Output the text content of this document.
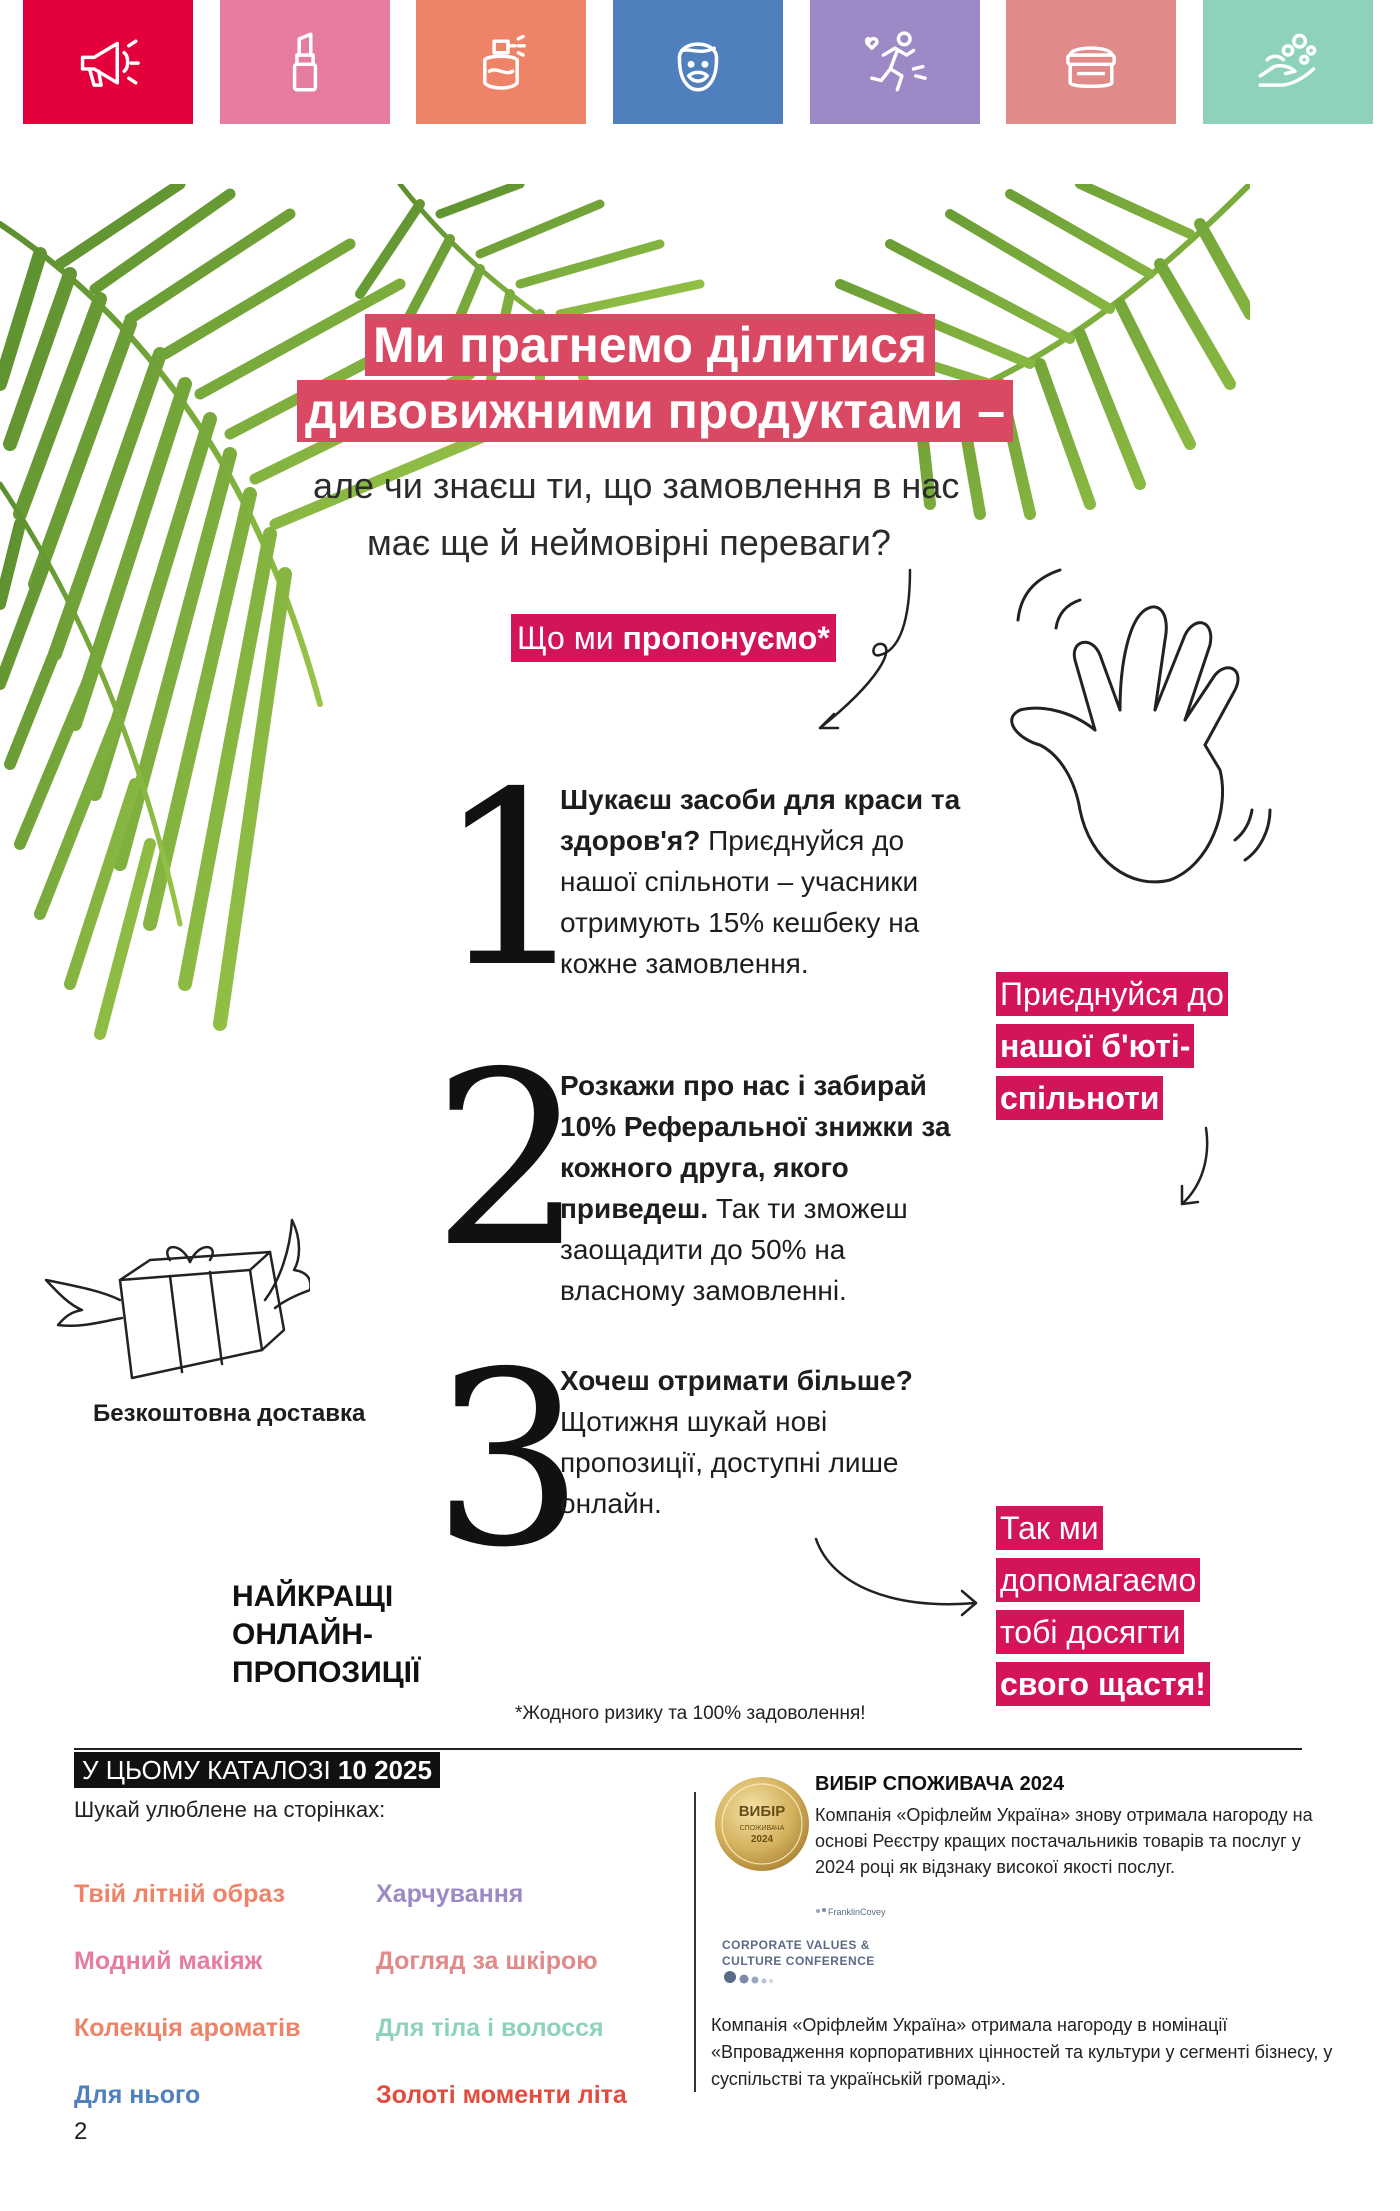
Ми прагнемо ділитися
дивовижними продуктами –
але чи знаєш ти, що замовлення в нас
має ще й неймовірні переваги?
Що ми пропонуємо*
1
Шукаєш засоби для краси та здоров'я? Приєднуйся до нашої спільноти – учасники отримують 15% кешбеку на кожне замовлення.
2
Розкажи про нас і забирай 10% Реферальної знижки за кожного друга, якого приведеш. Так ти зможеш заощадити до 50% на власному замовленні.
3
Хочеш отримати більше? Щотижня шукай нові пропозиції, доступні лише онлайн.
Приєднуйся до
нашої б'юті-
спільноти
Безкоштовна доставка
НАЙКРАЩІ
ОНЛАЙН-
ПРОПОЗИЦІЇ
Так ми
допомагаємо
тобі досягти
свого щастя!
*Жодного ризику та 100% задоволення!
У ЦЬОМУ КАТАЛОЗІ 10 2025
Шукай улюблене на сторінках:
Твій літній образ	Харчування
Модний макіяж	Догляд за шкірою
Колекція ароматів	Для тіла і волосся
Для нього	Золоті моменти літа
ВИБІР
СПОЖИВАЧА
2024
ВИБІР СПОЖИВАЧА 2024
Компанія «Оріфлейм Україна» знову отримала нагороду на основі Реєстру кращих постачальників товарів та послуг у 2024 році як відзнаку високої якості послуг.
FranklinCovey
CORPORATE VALUES &
CULTURE CONFERENCE
Компанія «Оріфлейм Україна» отримала нагороду в номінації «Впровадження корпоративних цінностей та культури у сегменті бізнесу, у суспільстві та українській громаді».
2
